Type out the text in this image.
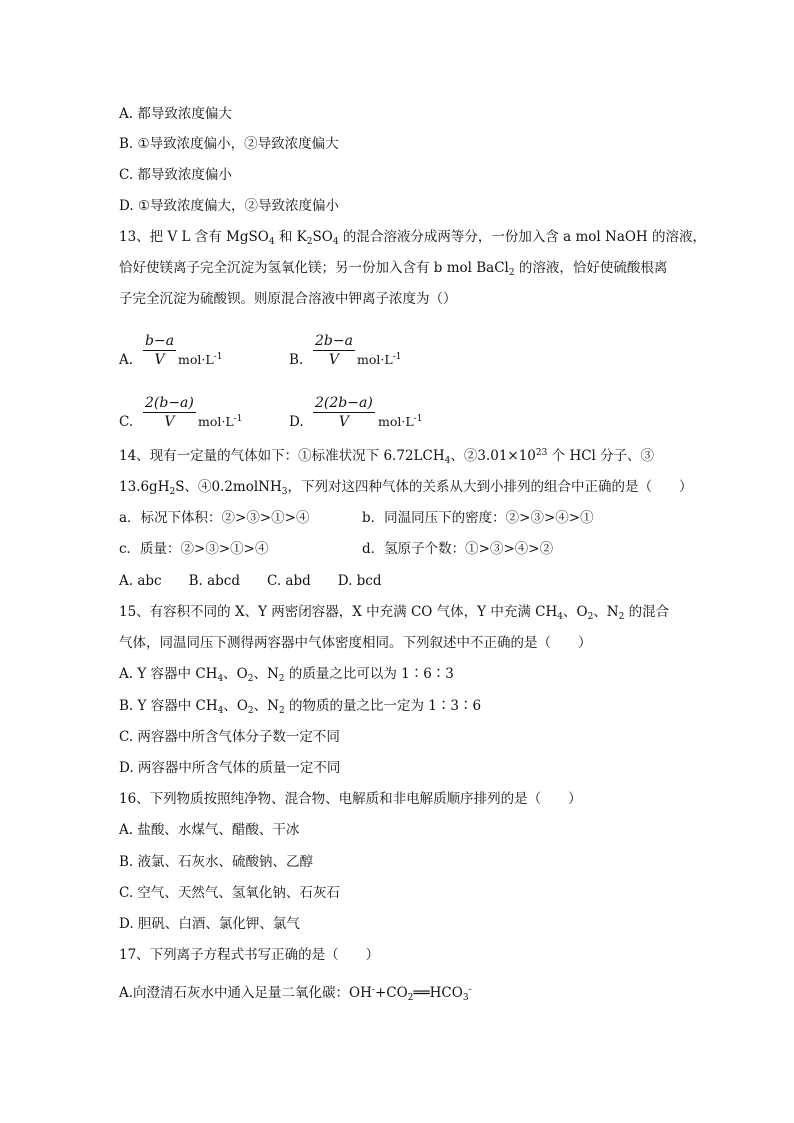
A. 都导致浓度偏大
B. ①导致浓度偏小，②导致浓度偏大
C. 都导致浓度偏小
D. ①导致浓度偏大，②导致浓度偏小
13、把 V L 含有 MgSO$_4$ 和 $K_2SO_4$ 的混合溶液分成两等分，一份加入含 a mol NaOH 的溶液，
恰好使镁离子完全沉淀为氢氧化镁；另一份加入含有 b mol BaCl$_2$ 的溶液，恰好使硫酸根离
子完全沉淀为硫酸钡。则原混合溶液中钾离子浓度为（）
A. $\frac{b-a}{V} mol\cdot L^{-1}$	B. $\frac{2b-a}{V} mol\cdot L^{-1}$
C. $\frac{2(b-a)}{V} mol\cdot L^{-1}$	D. $\frac{2(2b-a)}{V} mol\cdot L^{-1}$
14、现有一定量的气体如下：①标准状况下 $6.72LCH_4$、$②3.01\times 10^{23}$ 个 HCl 分子、③
$13.6gH_2S$、④0.2molNH$_3$，下列对这四种气体的关系从大到小排列的组合中正确的是（　　）
a．标况下体积：②>③>①>④	b．同温同压下的密度：②>③>④>①
c．质量：②>③>①>④	d．氢原子个数：①>③>④>②
A. abc　　B. abcd　　C. abd　　D. bcd
15、有容积不同的 X、Y 两密闭容器，X 中充满 CO 气体，Y 中充满 $CH_4$、$O_2$、$N_2$ 的混合
气体，同温同压下测得两容器中气体密度相同。下列叙述中不正确的是（　　）
A. Y 容器中 $CH_4$、$O_2$、$N_2$ 的质量之比可以为 1∶6∶3
B. Y 容器中 $CH_4$、$O_2$、$N_2$ 的物质的量之比一定为 1∶3∶6
C. 两容器中所含气体分子数一定不同
D. 两容器中所含气体的质量一定不同
16、下列物质按照纯净物、混合物、电解质和非电解质顺序排列的是（　　）
A. 盐酸、水煤气、醋酸、干冰
B. 液氯、石灰水、硫酸钠、乙醇
C. 空气、天然气、氢氧化钠、石灰石
D. 胆矾、白酒、氯化钾、氯气
17、下列离子方程式书写正确的是（　　）
A.向澄清石灰水中通入足量二氧化碳：$OH^-+CO_2══HCO_3^-$
